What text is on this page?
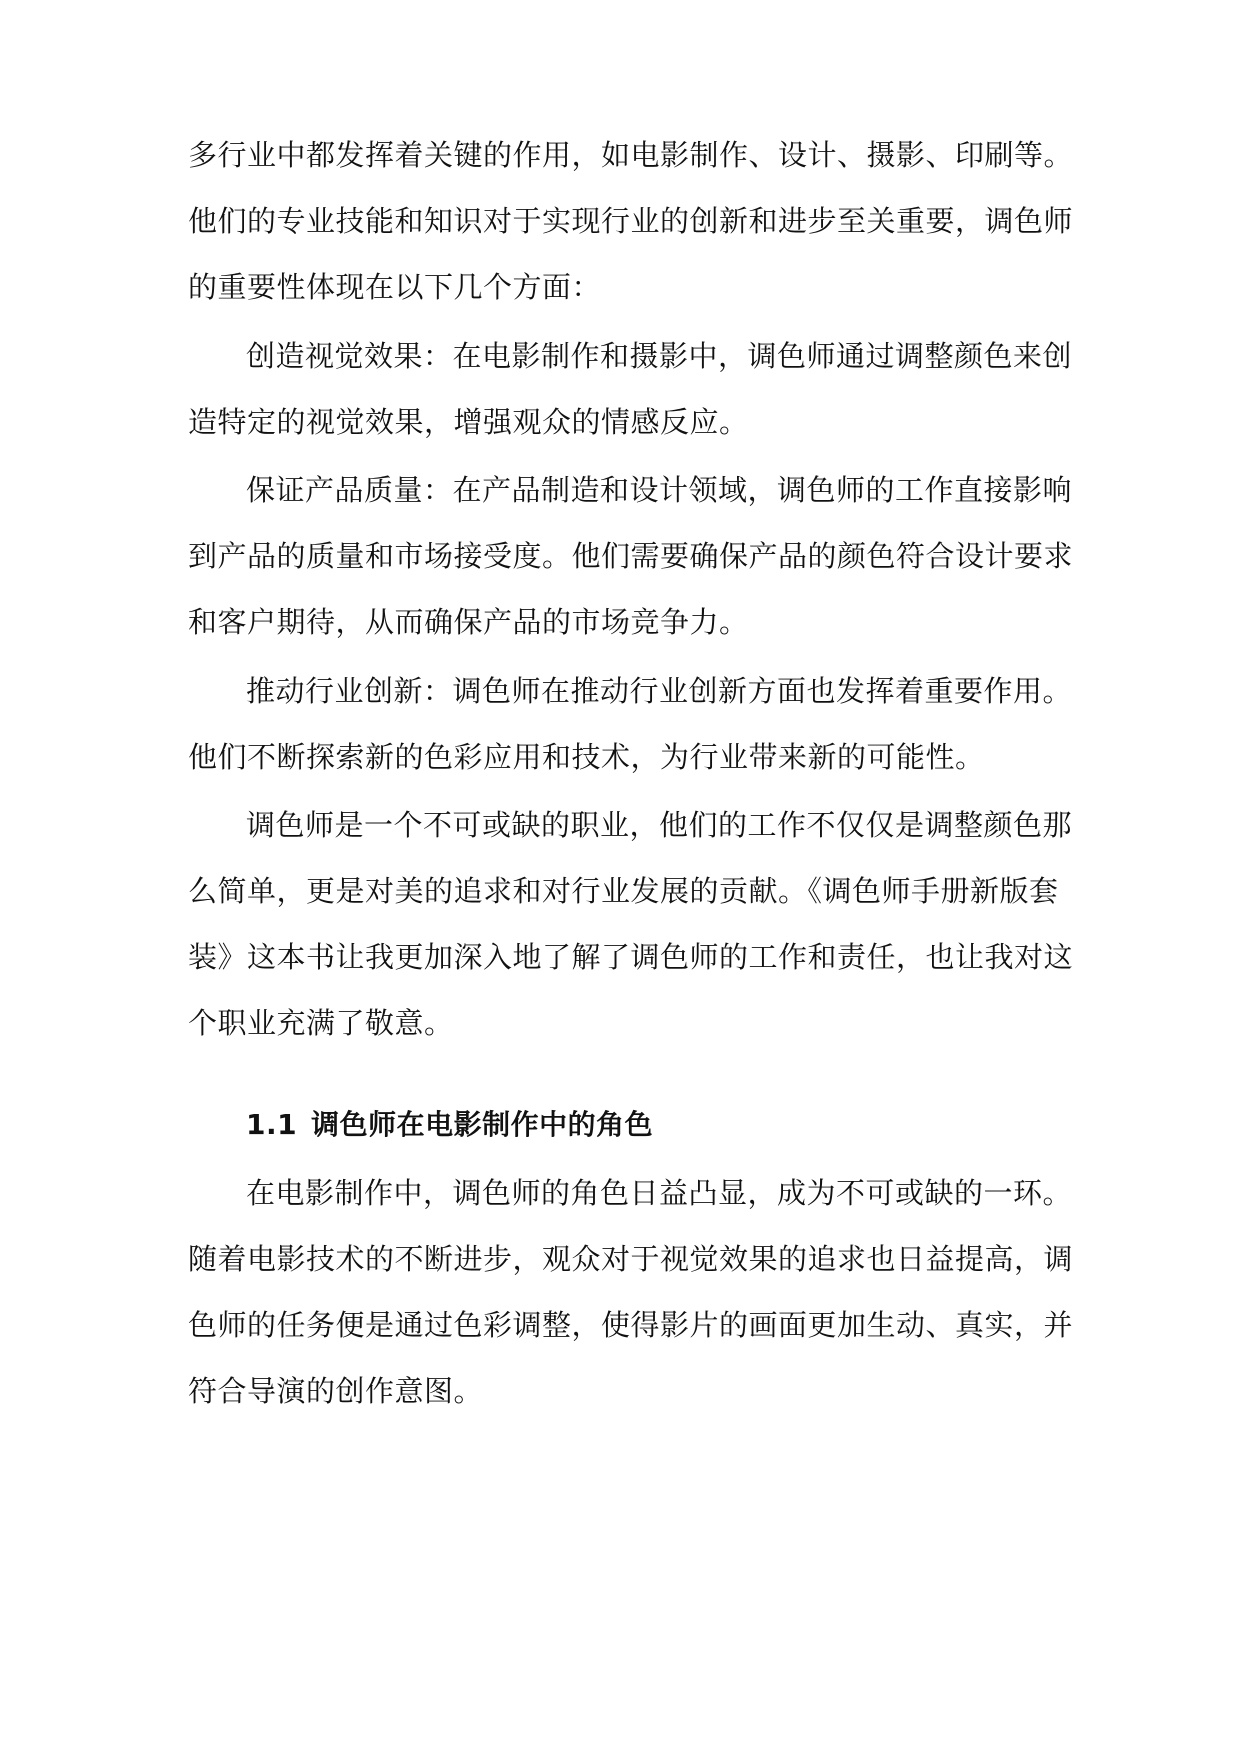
多行业中都发挥着关键的作用，如电影制作、设计、摄影、印刷等。
他们的专业技能和知识对于实现行业的创新和进步至关重要，调色师
的重要性体现在以下几个方面：
创造视觉效果：在电影制作和摄影中，调色师通过调整颜色来创
造特定的视觉效果，增强观众的情感反应。
保证产品质量：在产品制造和设计领域，调色师的工作直接影响
到产品的质量和市场接受度。他们需要确保产品的颜色符合设计要求
和客户期待，从而确保产品的市场竞争力。
推动行业创新：调色师在推动行业创新方面也发挥着重要作用。
他们不断探索新的色彩应用和技术，为行业带来新的可能性。
调色师是一个不可或缺的职业，他们的工作不仅仅是调整颜色那
么简单，更是对美的追求和对行业发展的贡献。《调色师手册新版套
装》这本书让我更加深入地了解了调色师的工作和责任，也让我对这
个职业充满了敬意。
1.1 调色师在电影制作中的角色
在电影制作中，调色师的角色日益凸显，成为不可或缺的一环。
随着电影技术的不断进步，观众对于视觉效果的追求也日益提高，调
色师的任务便是通过色彩调整，使得影片的画面更加生动、真实，并
符合导演的创作意图。
